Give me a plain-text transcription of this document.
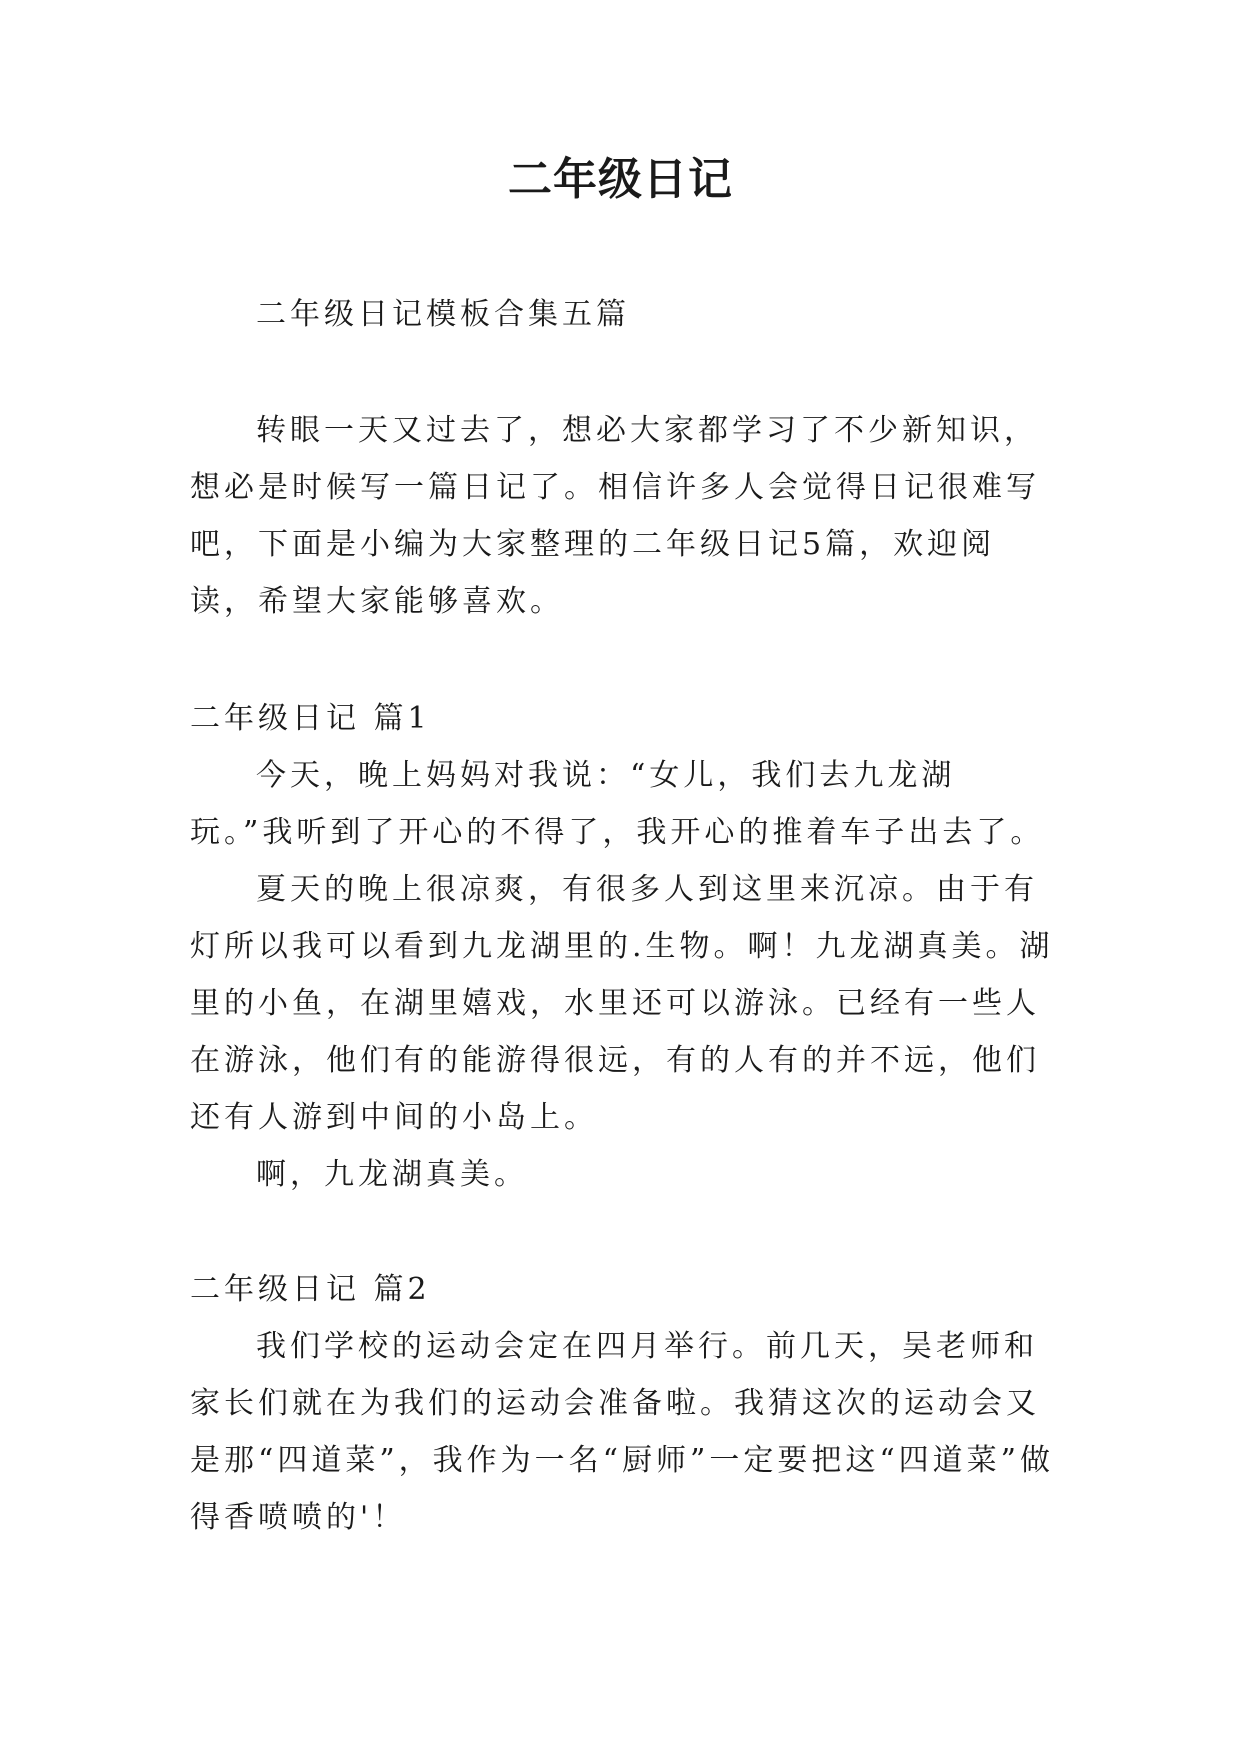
二年级日记

二年级日记模板合集五篇

转眼一天又过去了，想必大家都学习了不少新知识，想必是时候写一篇日记了。相信许多人会觉得日记很难写吧，下面是小编为大家整理的二年级日记5篇，欢迎阅读，希望大家能够喜欢。

二年级日记 篇1

今天，晚上妈妈对我说：“女儿，我们去九龙湖玩。”我听到了开心的不得了，我开心的推着车子出去了。

夏天的晚上很凉爽，有很多人到这里来沉凉。由于有灯所以我可以看到九龙湖里的.生物。啊！九龙湖真美。湖里的小鱼，在湖里嬉戏，水里还可以游泳。已经有一些人在游泳，他们有的能游得很远，有的人有的并不远，他们还有人游到中间的小岛上。

啊，九龙湖真美。

二年级日记 篇2

我们学校的运动会定在四月举行。前几天，吴老师和家长们就在为我们的运动会准备啦。我猜这次的运动会又是那“四道菜”，我作为一名“厨师”一定要把这“四道菜”做得香喷喷的'！
